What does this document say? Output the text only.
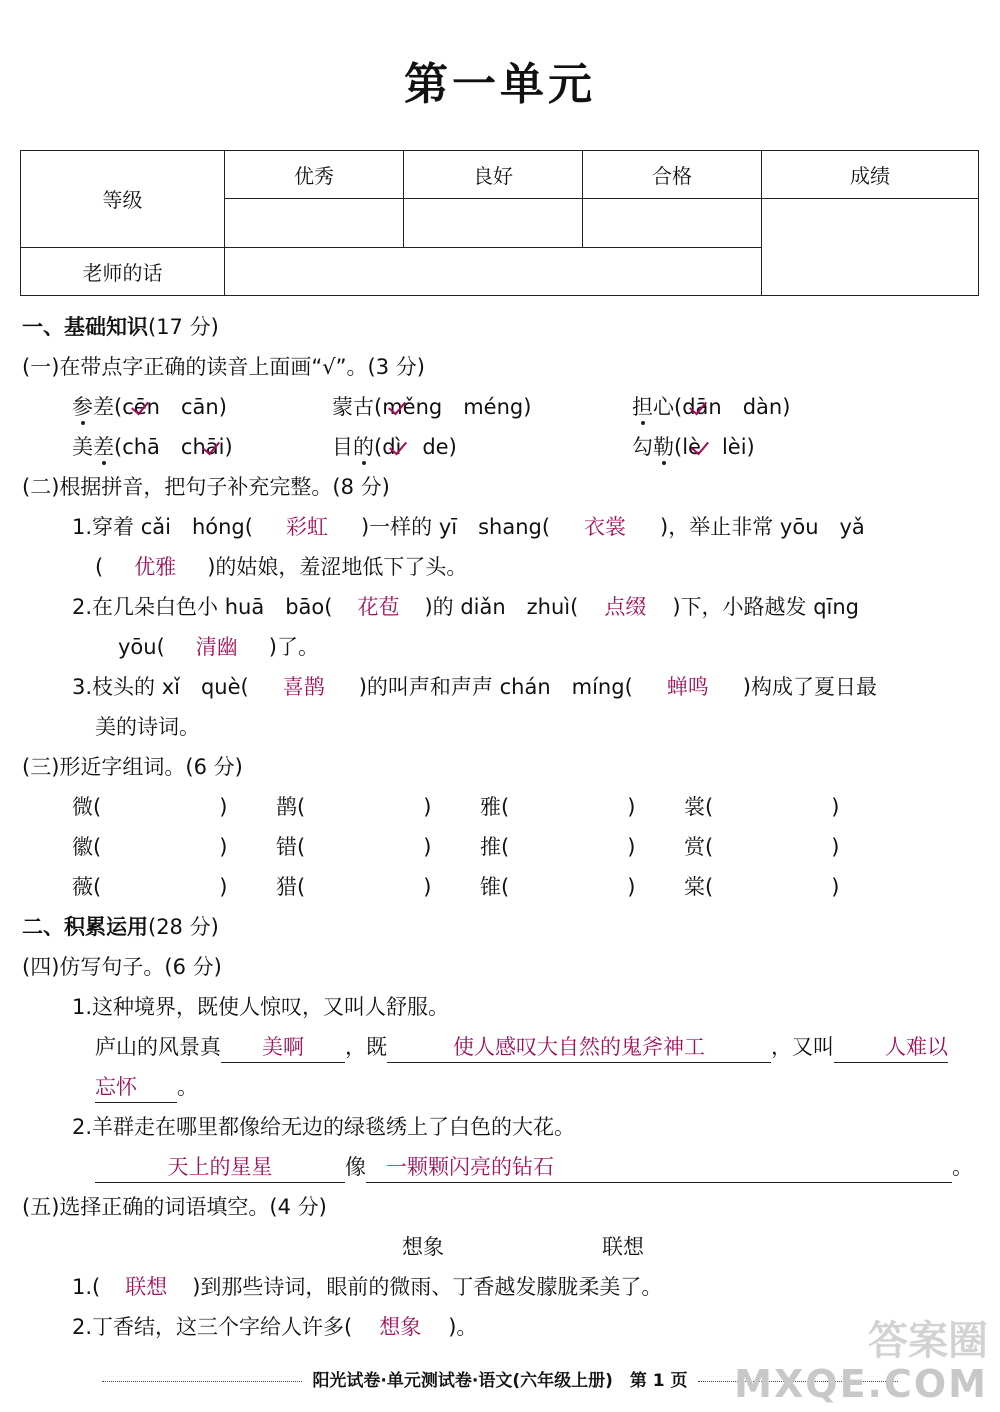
第一单元
等级	优秀	良好	合格	成绩

老师的话				
一、基础知识(17 分)
(一)在带点字正确的读音上面画“√”。(3 分)
参差(cēn　cān)	蒙古(měng　méng)	担心(dān　dàn)
美差(chā　chāi)	目的(dì　de)	勾勒(lè　lèi)
(二)根据拼音，把句子补充完整。(8 分)
1.穿着 cǎi　hóng( 彩虹 )一样的 yī　shang( 衣裳 )，举止非常 yōu　yǎ
( 优雅 )的姑娘，羞涩地低下了头。
2.在几朵白色小 huā　bāo( 花苞 )的 diǎn　zhuì( 点缀 )下，小路越发 qīng
yōu( 清幽 )了。
3.枝头的 xǐ　què( 喜鹊 )的叫声和声声 chán　míng( 蝉鸣 )构成了夏日最
美的诗词。
(三)形近字组词。(6 分)
微(	) 鹊(	) 雅(	) 裳(	)
徽(	) 错(	) 推(	) 赏(	)
薇(	) 猎(	) 锥(	) 棠(	)
二、积累运用(28 分)
(四)仿写句子。(6 分)
1.这种境界，既使人惊叹，又叫人舒服。
庐山的风景真 美啊 ，既	使人感叹大自然的鬼斧神工	，又叫 人难以
忘怀 。
2.羊群走在哪里都像给无边的绿毯绣上了白色的大花。
天上的星星	像 一颗颗闪亮的钻石	。
(五)选择正确的词语填空。(4 分)
想象	联想
1.( 联想 )到那些诗词，眼前的微雨、丁香越发朦胧柔美了。
2.丁香结，这三个字给人许多( 想象 )。
阳光试卷·单元测试卷·语文(六年级上册)　第 1 页
答案圈
MXQE.COM
